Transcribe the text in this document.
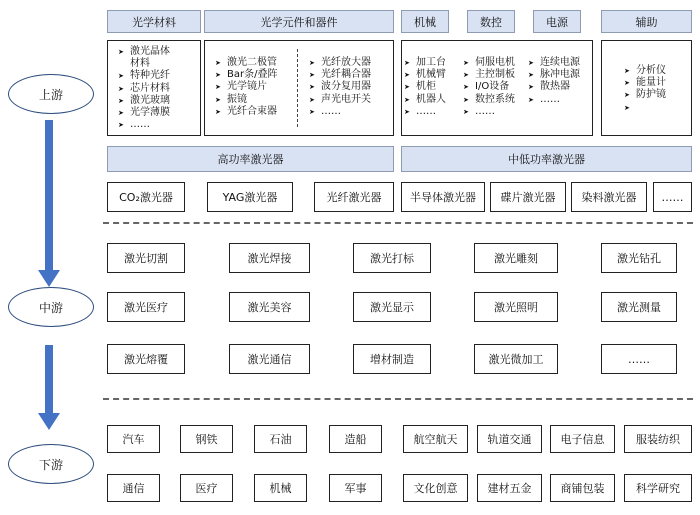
上游
中游
下游
光学材料	光学元件和器件	机械	数控	电源	辅助
➤ 激光晶体
材料
➤ 特种光纤
➤ 芯片材料
➤ 激光玻璃
➤ 光学薄膜
➤ ……
➤ 激光二极管
➤ Bar条/叠阵
➤ 光学镜片
➤ 振镜
➤ 光纤合束器
➤ 光纤放大器
➤ 光纤耦合器
➤ 波分复用器
➤ 声光电开关
➤ ……
➤ 加工台
➤ 机械臂
➤ 机柜
➤ 机器人
➤ ……
➤ 伺服电机
➤ 主控制板
➤ I/O设备
➤ 数控系统
➤ ……
➤ 连续电源
➤ 脉冲电源
➤ 散热器
➤ ……
➤ 分析仪
➤ 能量计
➤ 防护镜
➤
高功率激光器	中低功率激光器
CO₂激光器	YAG激光器	光纤激光器	半导体激光器 碟片激光器 染料激光器 ……
激光切割	激光焊接	激光打标	激光雕刻	激光钻孔
激光医疗	激光美容	激光显示	激光照明	激光测量
激光熔覆	激光通信	增材制造	激光微加工	……
汽车	钢铁	石油	造船	航空航天	轨道交通	电子信息	服装纺织
通信	医疗	机械	军事	文化创意	建材五金	商铺包装	科学研究
